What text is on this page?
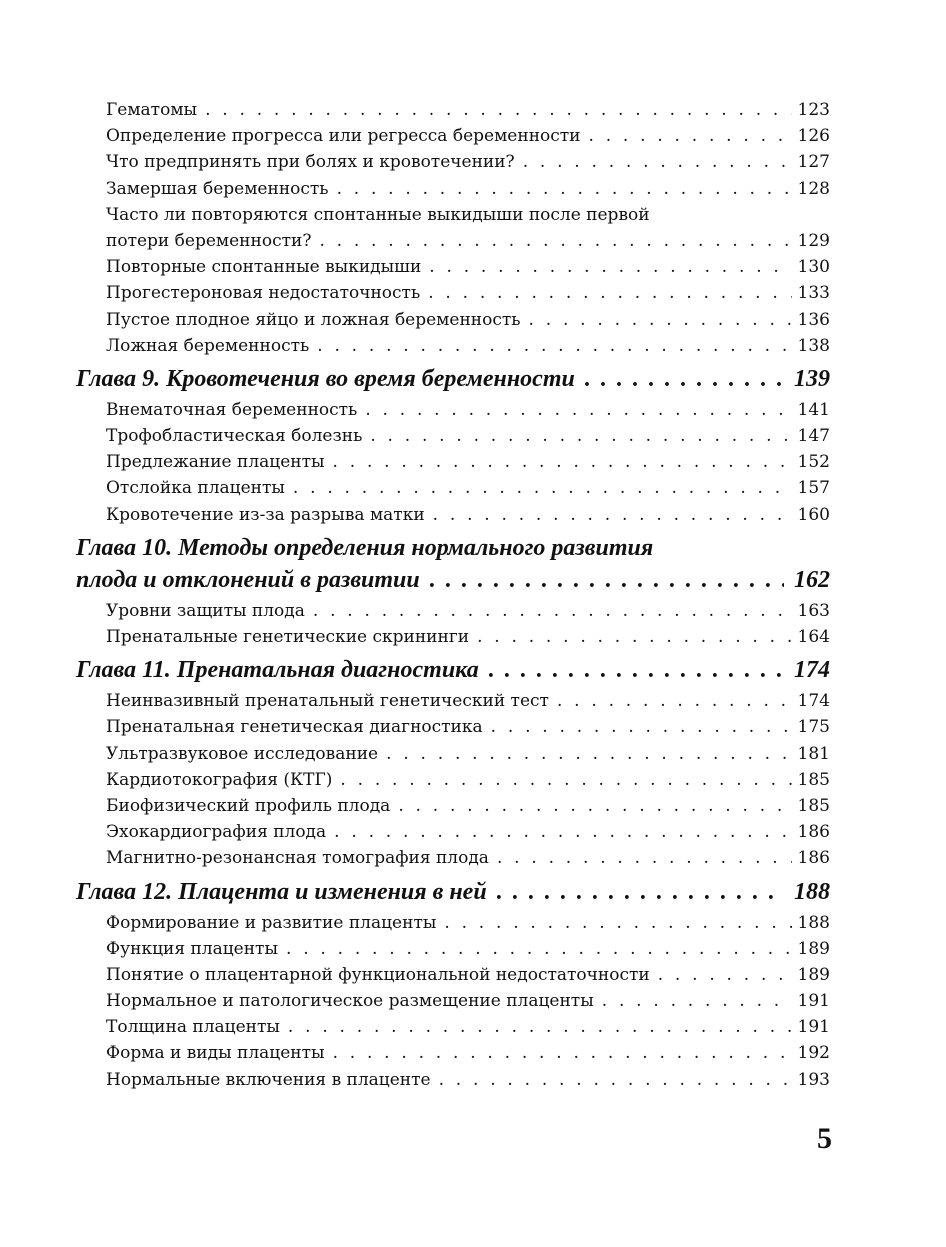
Гематомы . . .	123
Определение прогресса или регресса беременности . . .	126
Что предпринять при болях и кровотечении? . . .	127
Замершая беременность . . .	128
Часто ли повторяются спонтанные выкидыши после первой
потери беременности? . . .	129
Повторные спонтанные выкидыши . . .	130
Прогестероновая недостаточность . . .	133
Пустое плодное яйцо и ложная беременность . . .	136
Ложная беременность . . .	138
Глава 9. Кровотечения во время беременности . . .	139
Внематочная беременность . . .	141
Трофобластическая болезнь . . .	147
Предлежание плаценты . . .	152
Отслойка плаценты . . .	157
Кровотечение из-за разрыва матки . . .	160
Глава 10. Методы определения нормального развития
плода и отклонений в развитии . . .	162
Уровни защиты плода . . .	163
Пренатальные генетические скрининги . . .	164
Глава 11. Пренатальная диагностика . . .	174
Неинвазивный пренатальный генетический тест . . .	174
Пренатальная генетическая диагностика . . .	175
Ультразвуковое исследование . . .	181
Кардиотокография (КТГ) . . .	185
Биофизический профиль плода . . .	185
Эхокардиография плода . . .	186
Магнитно-резонансная томография плода . . .	186
Глава 12. Плацента и изменения в ней . . .	188
Формирование и развитие плаценты . . .	188
Функция плаценты . . .	189
Понятие о плацентарной функциональной недостаточности . . .	189
Нормальное и патологическое размещение плаценты . . .	191
Толщина плаценты . . .	191
Форма и виды плаценты . . .	192
Нормальные включения в плаценте . . .	193
5
